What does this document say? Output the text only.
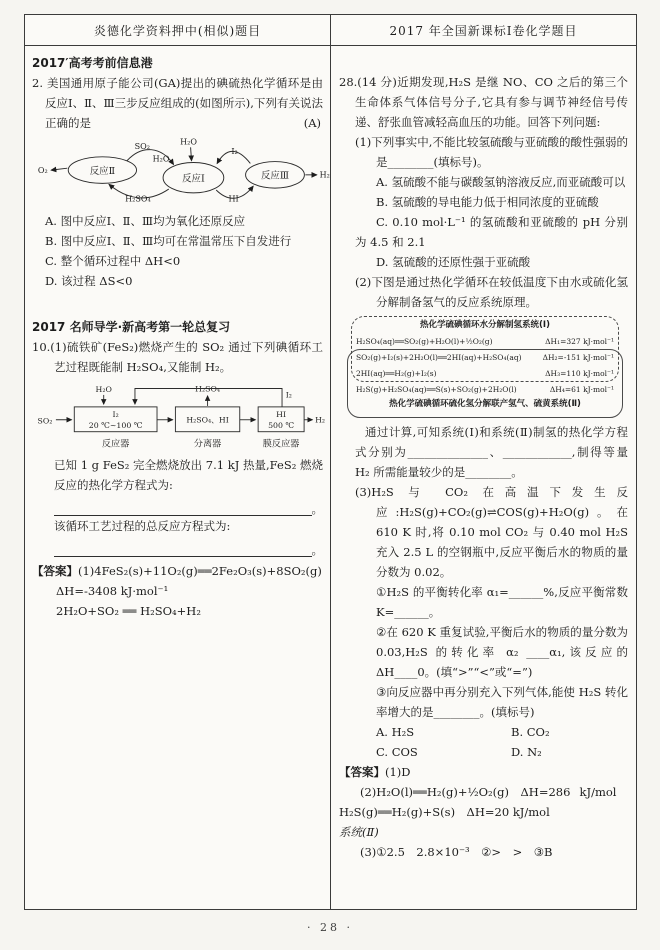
炎德化学资料押中(相似)题目	2017 年全国新课标Ⅰ卷化学题目
2017′高考考前信息港
2. 美国通用原子能公司(GA)提出的碘硫热化学循环是由反应Ⅰ、Ⅱ、Ⅲ三步反应组成的(如图所示),下列有关说法正确的是	(A)
反应Ⅱ
反应Ⅰ	反应Ⅲ
O₂
SO₂
H₂O
H₂SO₄
H₂O
I₂
HI
H₂
A. 图中反应Ⅰ、Ⅱ、Ⅲ均为氧化还原反应
B. 图中反应Ⅰ、Ⅱ、Ⅲ均可在常温常压下自发进行
C. 整个循环过程中 ΔH<0
D. 该过程 ΔS<0
2017 名师导学·新高考第一轮总复习
10.(1)硫铁矿(FeS₂)燃烧产生的 SO₂ 通过下列碘循环工艺过程既能制 H₂SO₄,又能制 H₂。
SO₂
I₂
20 ℃~100 ℃
反应器
H₂O
H₂SO₄、HI
分离器
H₂SO₄
HI
500 ℃
膜反应器
I₂
H₂
已知 1 g FeS₂ 完全燃烧放出 7.1 kJ 热量,FeS₂ 燃烧反应的热化学方程式为:
。
该循环工艺过程的总反应方程式为:
。
【答案】(1)4FeS₂(s)+11O₂(g)══2Fe₂O₃(s)+8SO₂(g)
ΔH=-3408 kJ·mol⁻¹
2H₂O+SO₂ ══ H₂SO₄+H₂
28.(14 分)近期发现,H₂S 是继 NO、CO 之后的第三个生命体系气体信号分子,它具有参与调节神经信号传递、舒张血管减轻高血压的功能。回答下列问题:
(1)下列事实中,不能比较氢硫酸与亚硫酸的酸性强弱的是________(填标号)。
A. 氢硫酸不能与碳酸氢钠溶液反应,而亚硫酸可以
B. 氢硫酸的导电能力低于相同浓度的亚硫酸
C. 0.10 mol·L⁻¹ 的氢硫酸和亚硫酸的 pH 分别为 4.5 和 2.1
D. 氢硫酸的还原性强于亚硫酸
(2)下图是通过热化学循环在较低温度下由水或硫化氢分解制备氢气的反应系统原理。
热化学硫碘循环水分解制氢系统(Ⅰ)
H₂SO₄(aq)══SO₂(g)+H₂O(l)+½O₂(g)	ΔH₁=327 kJ·mol⁻¹
SO₂(g)+I₂(s)+2H₂O(l)══2HI(aq)+H₂SO₄(aq)	ΔH₂=-151 kJ·mol⁻¹
2HI(aq)══H₂(g)+I₂(s)	ΔH₃=110 kJ·mol⁻¹
H₂S(g)+H₂SO₄(aq)══S(s)+SO₂(g)+2H₂O(l)	ΔH₄=61 kJ·mol⁻¹
热化学硫碘循环硫化氢分解联产氢气、硫黄系统(Ⅱ)
通过计算,可知系统(Ⅰ)和系统(Ⅱ)制氢的热化学方程式分别为______________、____________,制得等量 H₂ 所需能量较少的是________。
(3)H₂S 与 CO₂ 在高温下发生反应:H₂S(g)+CO₂(g)⇌COS(g)+H₂O(g)。在 610 K 时,将 0.10 mol CO₂ 与 0.40 mol H₂S 充入 2.5 L 的空钢瓶中,反应平衡后水的物质的量分数为 0.02。
①H₂S 的平衡转化率 α₁=______%,反应平衡常数 K=______。
②在 620 K 重复试验,平衡后水的物质的量分数为 0.03,H₂S 的转化率 α₂ ____α₁,该反应的 ΔH____0。(填“>”“<”或“=”)
③向反应器中再分别充入下列气体,能使 H₂S 转化率增大的是________。(填标号)
A. H₂S	B. CO₂
C. COS	D. N₂
【答案】(1)D
(2)H₂O(l)══H₂(g)+½O₂(g) ΔH=286 kJ/mol H₂S(g)══H₂(g)+S(s) ΔH=20 kJ/mol
系统(Ⅱ)
(3)①2.5 2.8×10⁻³ ②> > ③B
· 28 ·
